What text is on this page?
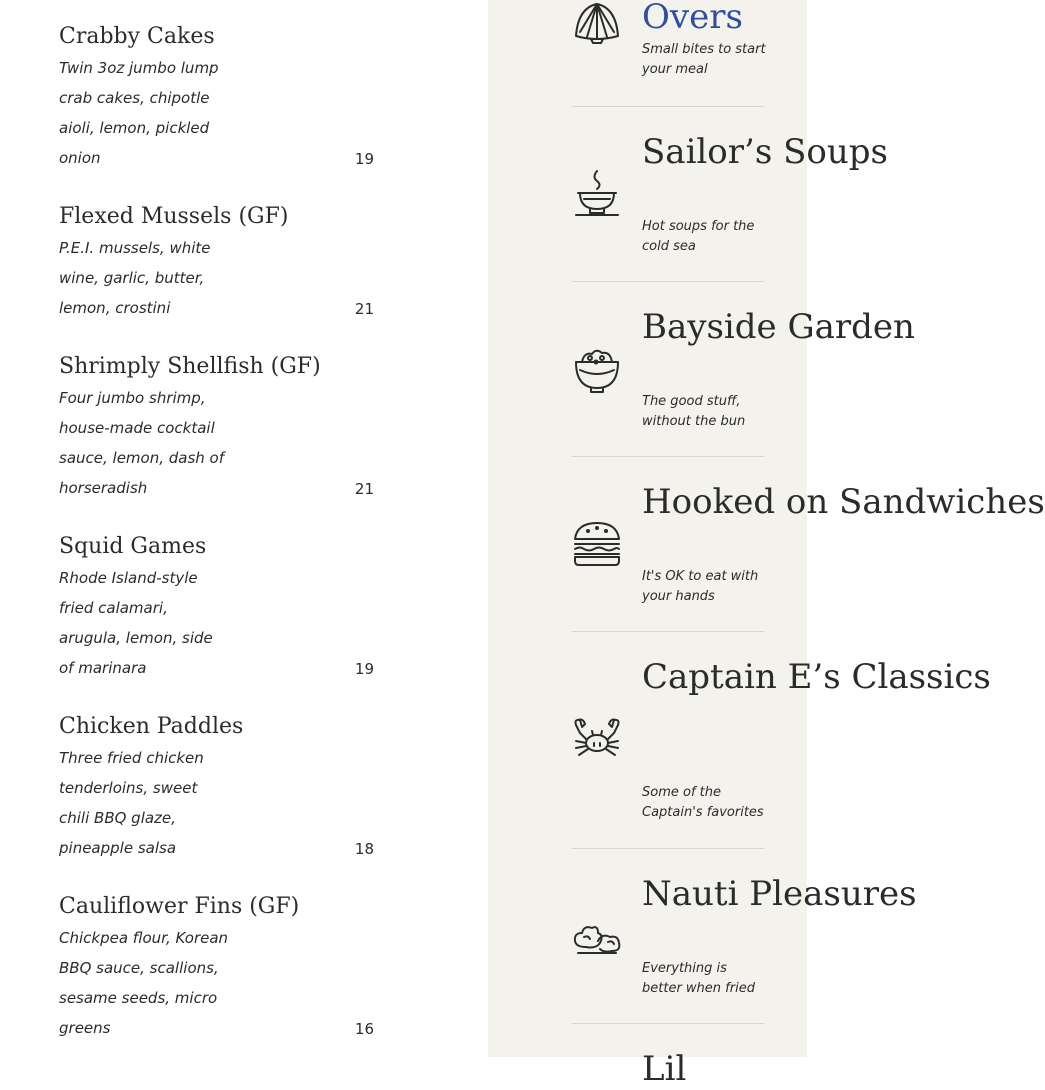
Crabby Cakes
Twin 3oz jumbo lump crab cakes, chipotle aioli, lemon, pickled onion	19
Flexed Mussels (GF)
P.E.I. mussels, white wine, garlic, butter, lemon, crostini	21
Shrimply Shellfish (GF)
Four jumbo shrimp, house-made cocktail sauce, lemon, dash of horseradish	21
Squid Games
Rhode Island-style fried calamari, arugula, lemon, side of marinara	19
Chicken Paddles
Three fried chicken tenderloins, sweet chili BBQ glaze, pineapple salsa	18
Cauliflower Fins (GF)
Chickpea flour, Korean BBQ sauce, scallions, sesame seeds, micro greens	16
Overs
Small bites to start your meal
Sailor’s Soups
Hot soups for the cold sea
Bayside Garden
The good stuff, without the bun
Hooked on Sandwiches
It's OK to eat with your hands
Captain E’s Classics
Some of the Captain's favorites
Nauti Pleasures
Everything is better when fried
Lil
